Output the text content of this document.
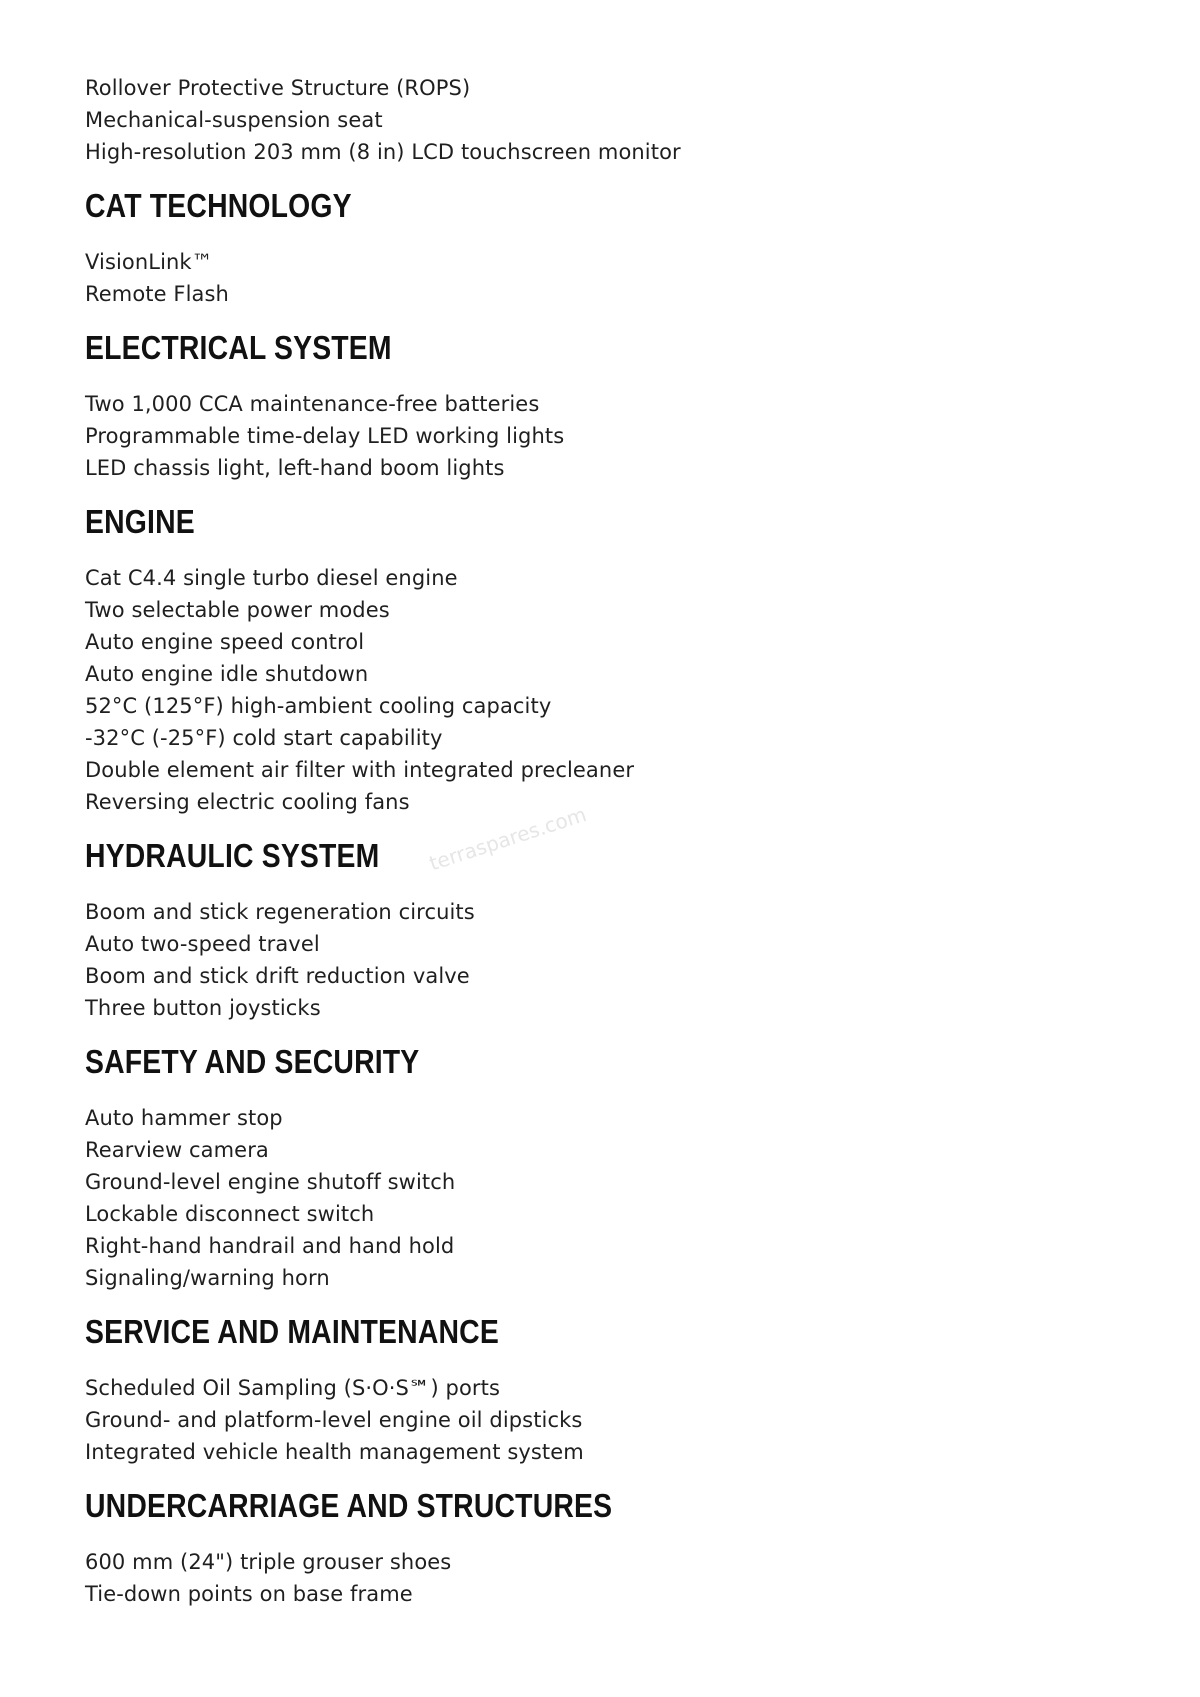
Rollover Protective Structure (ROPS)
Mechanical-suspension seat
High-resolution 203 mm (8 in) LCD touchscreen monitor
CAT TECHNOLOGY
VisionLink™
Remote Flash
ELECTRICAL SYSTEM
Two 1,000 CCA maintenance-free batteries
Programmable time-delay LED working lights
LED chassis light, left-hand boom lights
ENGINE
Cat C4.4 single turbo diesel engine
Two selectable power modes
Auto engine speed control
Auto engine idle shutdown
52°C (125°F) high-ambient cooling capacity
-32°C (-25°F) cold start capability
Double element air filter with integrated precleaner
Reversing electric cooling fans
HYDRAULIC SYSTEM
Boom and stick regeneration circuits
Auto two-speed travel
Boom and stick drift reduction valve
Three button joysticks
SAFETY AND SECURITY
Auto hammer stop
Rearview camera
Ground-level engine shutoff switch
Lockable disconnect switch
Right-hand handrail and hand hold
Signaling/warning horn
SERVICE AND MAINTENANCE
Scheduled Oil Sampling (S·O·S℠) ports
Ground- and platform-level engine oil dipsticks
Integrated vehicle health management system
UNDERCARRIAGE AND STRUCTURES
600 mm (24") triple grouser shoes
Tie-down points on base frame
terraspares.com
